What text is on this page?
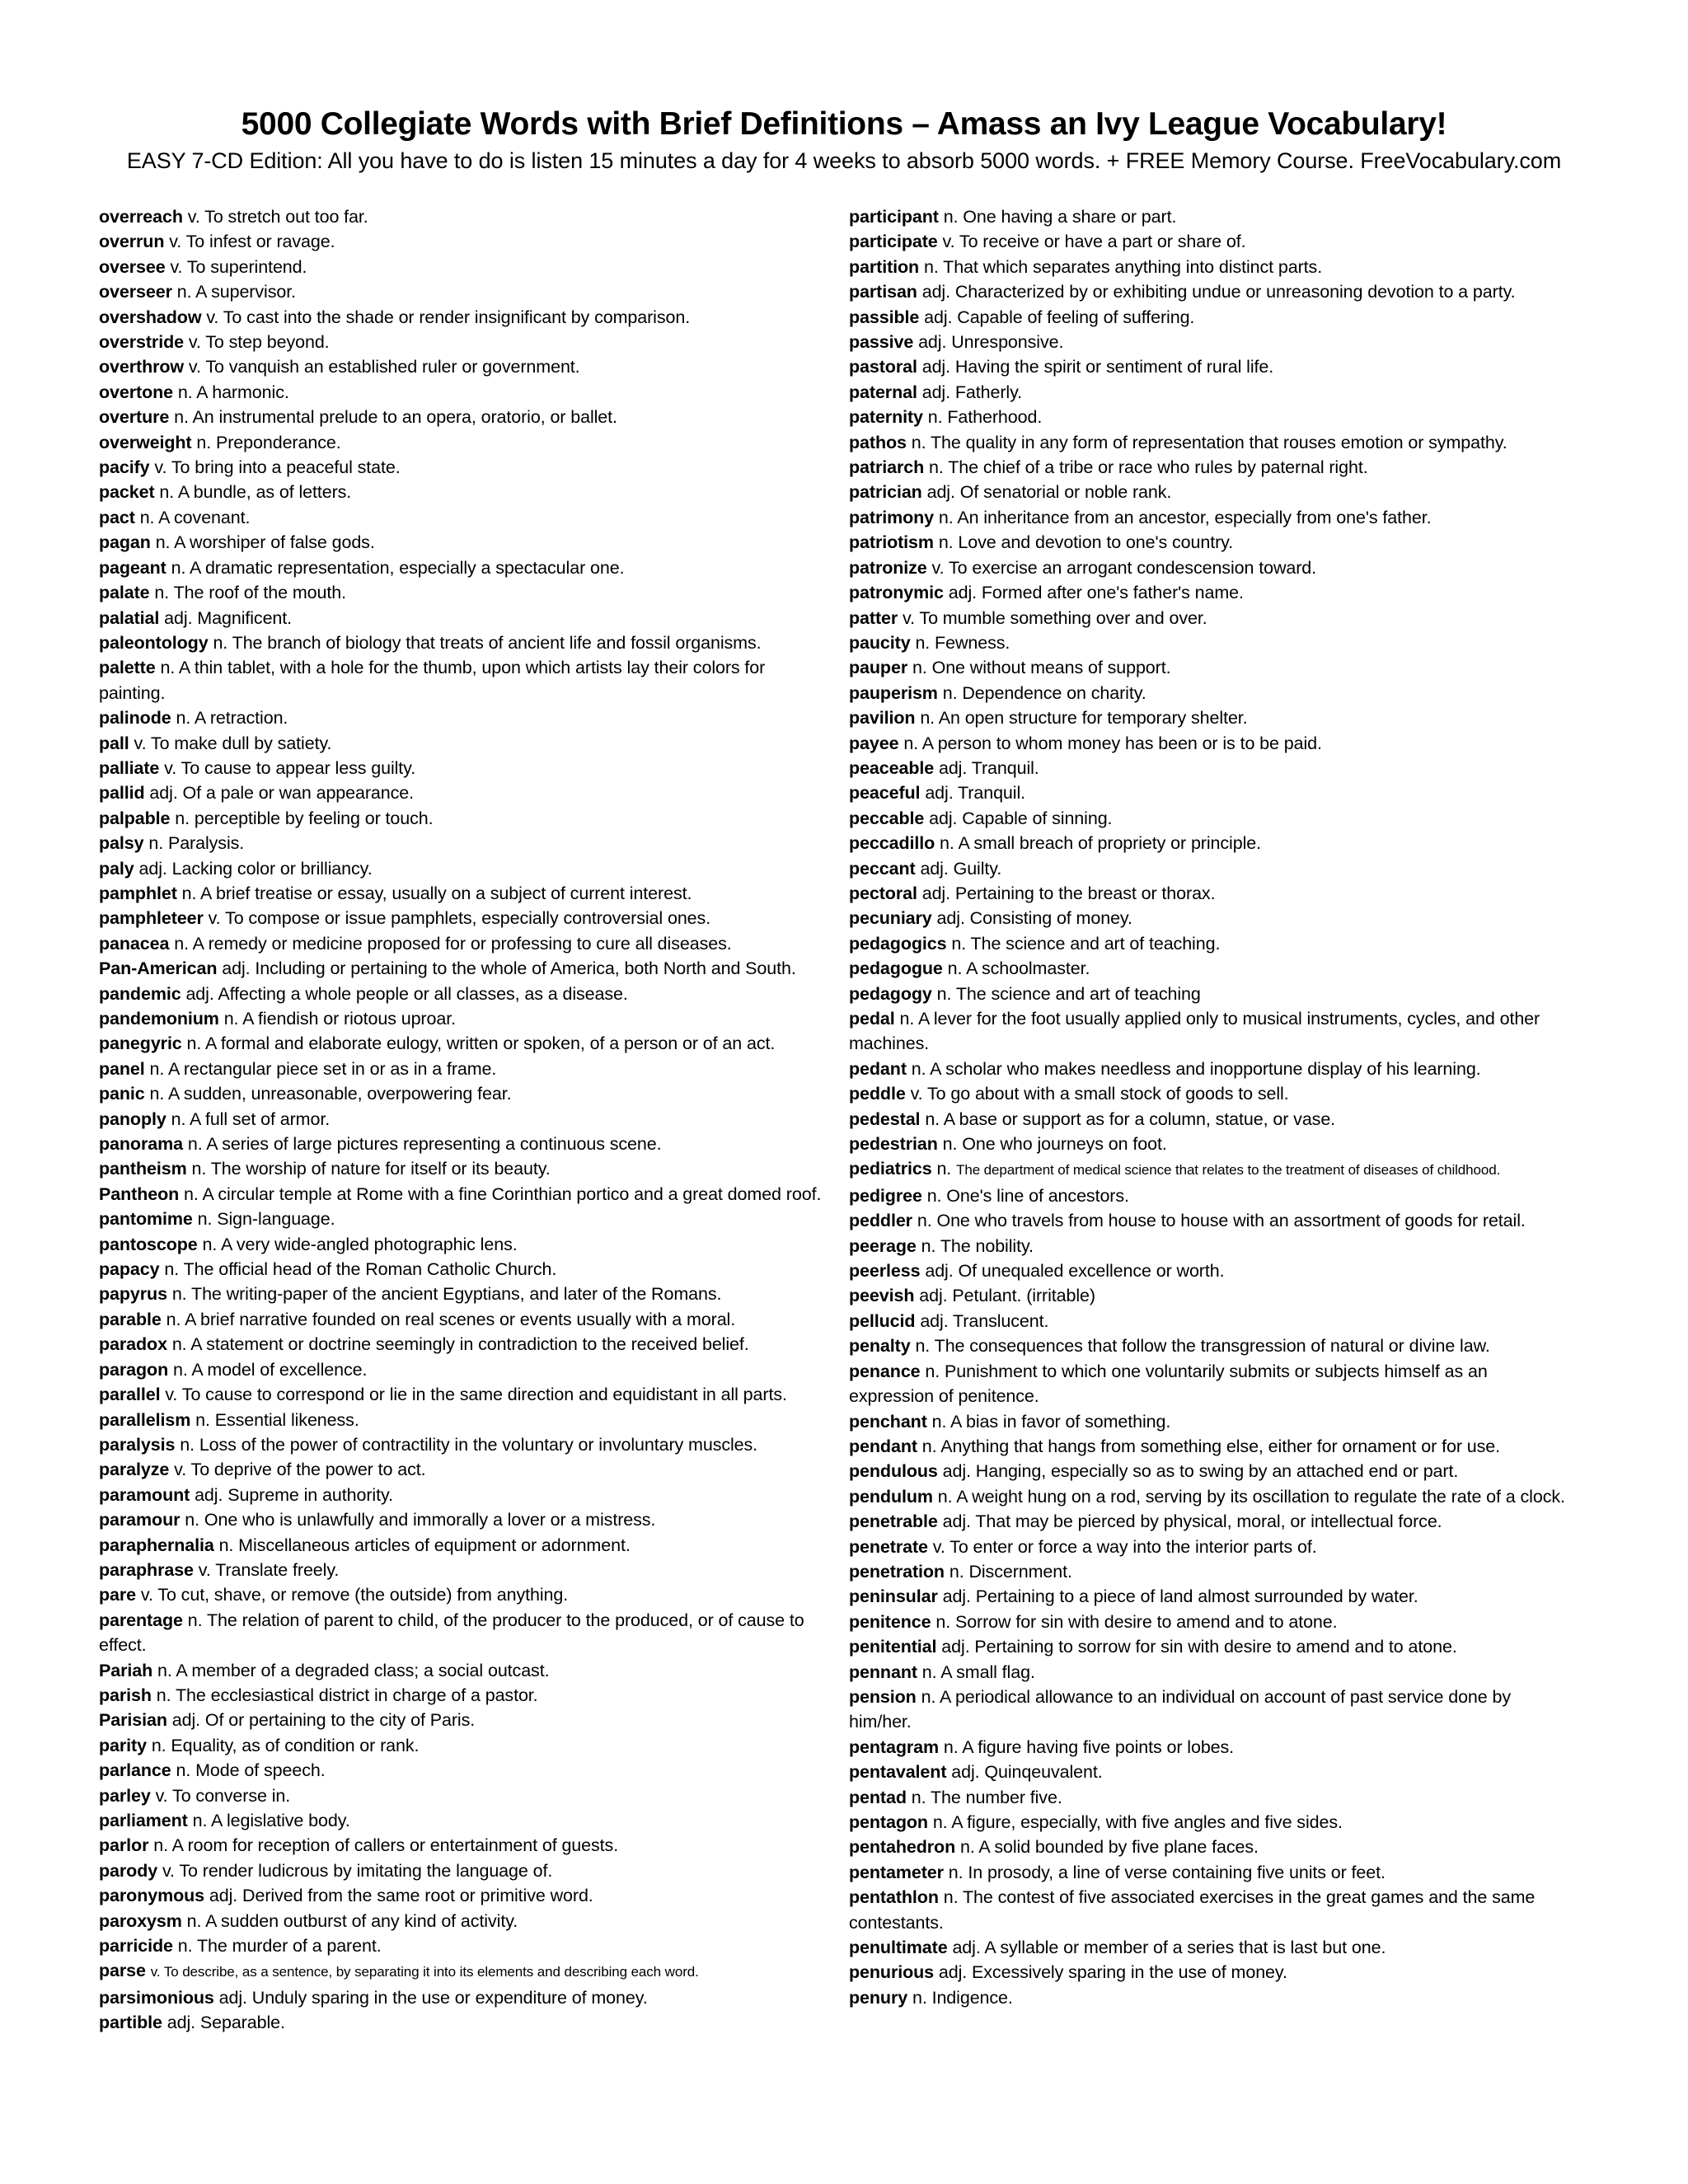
5000 Collegiate Words with Brief Definitions – Amass an Ivy League Vocabulary!
EASY 7-CD Edition: All you have to do is listen 15 minutes a day for 4 weeks to absorb 5000 words. + FREE Memory Course. FreeVocabulary.com

overreach v. To stretch out too far.

overrun v. To infest or ravage.

oversee v. To superintend.

overseer n. A supervisor.

overshadow v. To cast into the shade or render insignificant by comparison.

overstride v. To step beyond.

overthrow v. To vanquish an established ruler or government.

overtone n. A harmonic.

overture n. An instrumental prelude to an opera, oratorio, or ballet.

overweight n. Preponderance.

pacify v. To bring into a peaceful state.

packet n. A bundle, as of letters.

pact n. A covenant.

pagan n. A worshiper of false gods.

pageant n. A dramatic representation, especially a spectacular one.

palate n. The roof of the mouth.

palatial adj. Magnificent.

paleontology n. The branch of biology that treats of ancient life and fossil organisms.

palette n. A thin tablet, with a hole for the thumb, upon which artists lay their colors for painting.

palinode n. A retraction.

pall v. To make dull by satiety.

palliate v. To cause to appear less guilty.

pallid adj. Of a pale or wan appearance.

palpable n. perceptible by feeling or touch.

palsy n. Paralysis.

paly adj. Lacking color or brilliancy.

pamphlet n. A brief treatise or essay, usually on a subject of current interest.

pamphleteer v. To compose or issue pamphlets, especially controversial ones.

panacea n. A remedy or medicine proposed for or professing to cure all diseases.

Pan-American adj. Including or pertaining to the whole of America, both North and South.

pandemic adj. Affecting a whole people or all classes, as a disease.

pandemonium n. A fiendish or riotous uproar.

panegyric n. A formal and elaborate eulogy, written or spoken, of a person or of an act.

panel n. A rectangular piece set in or as in a frame.

panic n. A sudden, unreasonable, overpowering fear.

panoply n. A full set of armor.

panorama n. A series of large pictures representing a continuous scene.

pantheism n. The worship of nature for itself or its beauty.

Pantheon n. A circular temple at Rome with a fine Corinthian portico and a great domed roof.

pantomime n. Sign-language.

pantoscope n. A very wide-angled photographic lens.

papacy n. The official head of the Roman Catholic Church.

papyrus n. The writing-paper of the ancient Egyptians, and later of the Romans.

parable n. A brief narrative founded on real scenes or events usually with a moral.

paradox n. A statement or doctrine seemingly in contradiction to the received belief.

paragon n. A model of excellence.

parallel v. To cause to correspond or lie in the same direction and equidistant in all parts.

parallelism n. Essential likeness.

paralysis n. Loss of the power of contractility in the voluntary or involuntary muscles.

paralyze v. To deprive of the power to act.

paramount adj. Supreme in authority.

paramour n. One who is unlawfully and immorally a lover or a mistress.

paraphernalia n. Miscellaneous articles of equipment or adornment.

paraphrase v. Translate freely.

pare v. To cut, shave, or remove (the outside) from anything.

parentage n. The relation of parent to child, of the producer to the produced, or of cause to effect.

Pariah n. A member of a degraded class; a social outcast.

parish n. The ecclesiastical district in charge of a pastor.

Parisian adj. Of or pertaining to the city of Paris.

parity n. Equality, as of condition or rank.

parlance n. Mode of speech.

parley v. To converse in.

parliament n. A legislative body.

parlor n. A room for reception of callers or entertainment of guests.

parody v. To render ludicrous by imitating the language of.

paronymous adj. Derived from the same root or primitive word.

paroxysm n. A sudden outburst of any kind of activity.

parricide n. The murder of a parent.

parse v. To describe, as a sentence, by separating it into its elements and describing each word.

parsimonious adj. Unduly sparing in the use or expenditure of money.

partible adj. Separable.

participant n. One having a share or part.

participate v. To receive or have a part or share of.

partition n. That which separates anything into distinct parts.

partisan adj. Characterized by or exhibiting undue or unreasoning devotion to a party.

passible adj. Capable of feeling of suffering.

passive adj. Unresponsive.

pastoral adj. Having the spirit or sentiment of rural life.

paternal adj. Fatherly.

paternity n. Fatherhood.

pathos n. The quality in any form of representation that rouses emotion or sympathy.

patriarch n. The chief of a tribe or race who rules by paternal right.

patrician adj. Of senatorial or noble rank.

patrimony n. An inheritance from an ancestor, especially from one's father.

patriotism n. Love and devotion to one's country.

patronize v. To exercise an arrogant condescension toward.

patronymic adj. Formed after one's father's name.

patter v. To mumble something over and over.

paucity n. Fewness.

pauper n. One without means of support.

pauperism n. Dependence on charity.

pavilion n. An open structure for temporary shelter.

payee n. A person to whom money has been or is to be paid.

peaceable adj. Tranquil.

peaceful adj. Tranquil.

peccable adj. Capable of sinning.

peccadillo n. A small breach of propriety or principle.

peccant adj. Guilty.

pectoral adj. Pertaining to the breast or thorax.

pecuniary adj. Consisting of money.

pedagogics n. The science and art of teaching.

pedagogue n. A schoolmaster.

pedagogy n. The science and art of teaching

pedal n. A lever for the foot usually applied only to musical instruments, cycles, and other machines.

pedant n. A scholar who makes needless and inopportune display of his learning.

peddle v. To go about with a small stock of goods to sell.

pedestal n. A base or support as for a column, statue, or vase.

pedestrian n. One who journeys on foot.

pediatrics n. The department of medical science that relates to the treatment of diseases of childhood.

pedigree n. One's line of ancestors.

peddler n. One who travels from house to house with an assortment of goods for retail.

peerage n. The nobility.

peerless adj. Of unequaled excellence or worth.

peevish adj. Petulant. (irritable)

pellucid adj. Translucent.

penalty n. The consequences that follow the transgression of natural or divine law.

penance n. Punishment to which one voluntarily submits or subjects himself as an expression of penitence.

penchant n. A bias in favor of something.

pendant n. Anything that hangs from something else, either for ornament or for use.

pendulous adj. Hanging, especially so as to swing by an attached end or part.

pendulum n. A weight hung on a rod, serving by its oscillation to regulate the rate of a clock.

penetrable adj. That may be pierced by physical, moral, or intellectual force.

penetrate v. To enter or force a way into the interior parts of.

penetration n. Discernment.

peninsular adj. Pertaining to a piece of land almost surrounded by water.

penitence n. Sorrow for sin with desire to amend and to atone.

penitential adj. Pertaining to sorrow for sin with desire to amend and to atone.

pennant n. A small flag.

pension n. A periodical allowance to an individual on account of past service done by him/her.

pentagram n. A figure having five points or lobes.

pentavalent adj. Quinqeuvalent.

pentad n. The number five.

pentagon n. A figure, especially, with five angles and five sides.

pentahedron n. A solid bounded by five plane faces.

pentameter n. In prosody, a line of verse containing five units or feet.

pentathlon n. The contest of five associated exercises in the great games and the same contestants.

penultimate adj. A syllable or member of a series that is last but one.

penurious adj. Excessively sparing in the use of money.

penury n. Indigence.
